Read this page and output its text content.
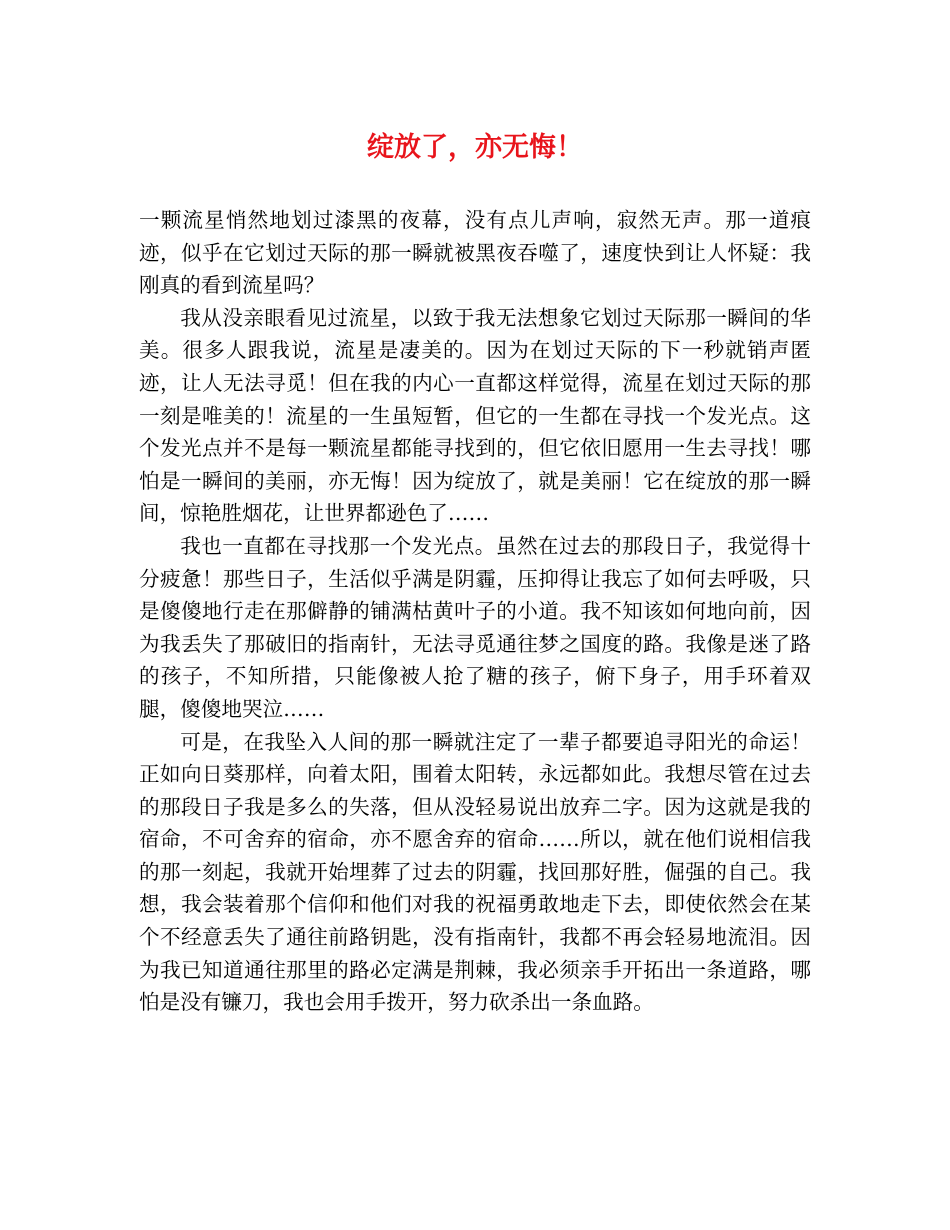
绽放了，亦无悔！

一颗流星悄然地划过漆黑的夜幕，没有点儿声响，寂然无声。那一道痕迹，似乎在它划过天际的那一瞬就被黑夜吞噬了，速度快到让人怀疑：我刚真的看到流星吗？

我从没亲眼看见过流星，以致于我无法想象它划过天际那一瞬间的华美。很多人跟我说，流星是凄美的。因为在划过天际的下一秒就销声匿迹，让人无法寻觅！但在我的内心一直都这样觉得，流星在划过天际的那一刻是唯美的！流星的一生虽短暂，但它的一生都在寻找一个发光点。这个发光点并不是每一颗流星都能寻找到的，但它依旧愿用一生去寻找！哪怕是一瞬间的美丽，亦无悔！因为绽放了，就是美丽！它在绽放的那一瞬间，惊艳胜烟花，让世界都逊色了……

我也一直都在寻找那一个发光点。虽然在过去的那段日子，我觉得十分疲惫！那些日子，生活似乎满是阴霾，压抑得让我忘了如何去呼吸，只是傻傻地行走在那僻静的铺满枯黄叶子的小道。我不知该如何地向前，因为我丢失了那破旧的指南针，无法寻觅通往梦之国度的路。我像是迷了路的孩子，不知所措，只能像被人抢了糖的孩子，俯下身子，用手环着双腿，傻傻地哭泣……

可是，在我坠入人间的那一瞬就注定了一辈子都要追寻阳光的命运！正如向日葵那样，向着太阳，围着太阳转，永远都如此。我想尽管在过去的那段日子我是多么的失落，但从没轻易说出放弃二字。因为这就是我的宿命，不可舍弃的宿命，亦不愿舍弃的宿命……所以，就在他们说相信我的那一刻起，我就开始埋葬了过去的阴霾，找回那好胜，倔强的自己。我想，我会装着那个信仰和他们对我的祝福勇敢地走下去，即使依然会在某个不经意丢失了通往前路钥匙，没有指南针，我都不再会轻易地流泪。因为我已知道通往那里的路必定满是荆棘，我必须亲手开拓出一条道路，哪怕是没有镰刀，我也会用手拨开，努力砍杀出一条血路。
